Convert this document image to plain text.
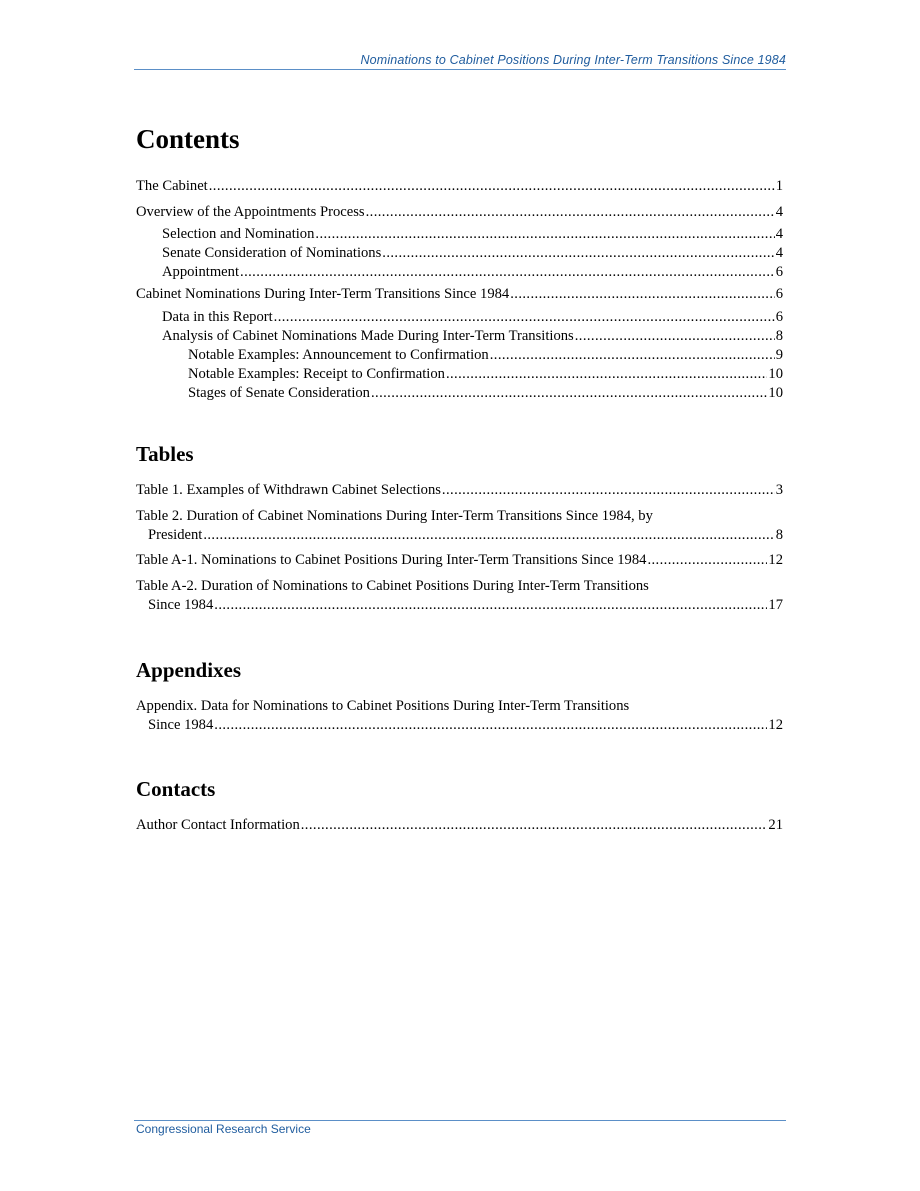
Nominations to Cabinet Positions During Inter-Term Transitions Since 1984
Contents
The Cabinet .....	1
Overview of the Appointments Process .....	4
Selection and Nomination .....	4
Senate Consideration of Nominations .....	4
Appointment .....	6
Cabinet Nominations During Inter-Term Transitions Since 1984 .....	6
Data in this Report .....	6
Analysis of Cabinet Nominations Made During Inter-Term Transitions .....	8
Notable Examples: Announcement to Confirmation .....	9
Notable Examples: Receipt to Confirmation .....	10
Stages of Senate Consideration .....	10
Tables
Table 1. Examples of Withdrawn Cabinet Selections .....	3
Table 2. Duration of Cabinet Nominations During Inter-Term Transitions Since 1984, by
President .....	8
Table A-1. Nominations to Cabinet Positions During Inter-Term Transitions Since 1984 .....	12
Table A-2. Duration of Nominations to Cabinet Positions During Inter-Term Transitions
Since 1984 .....	17
Appendixes
Appendix. Data for Nominations to Cabinet Positions During Inter-Term Transitions
Since 1984 .....	12
Contacts
Author Contact Information .....	21
Congressional Research Service
